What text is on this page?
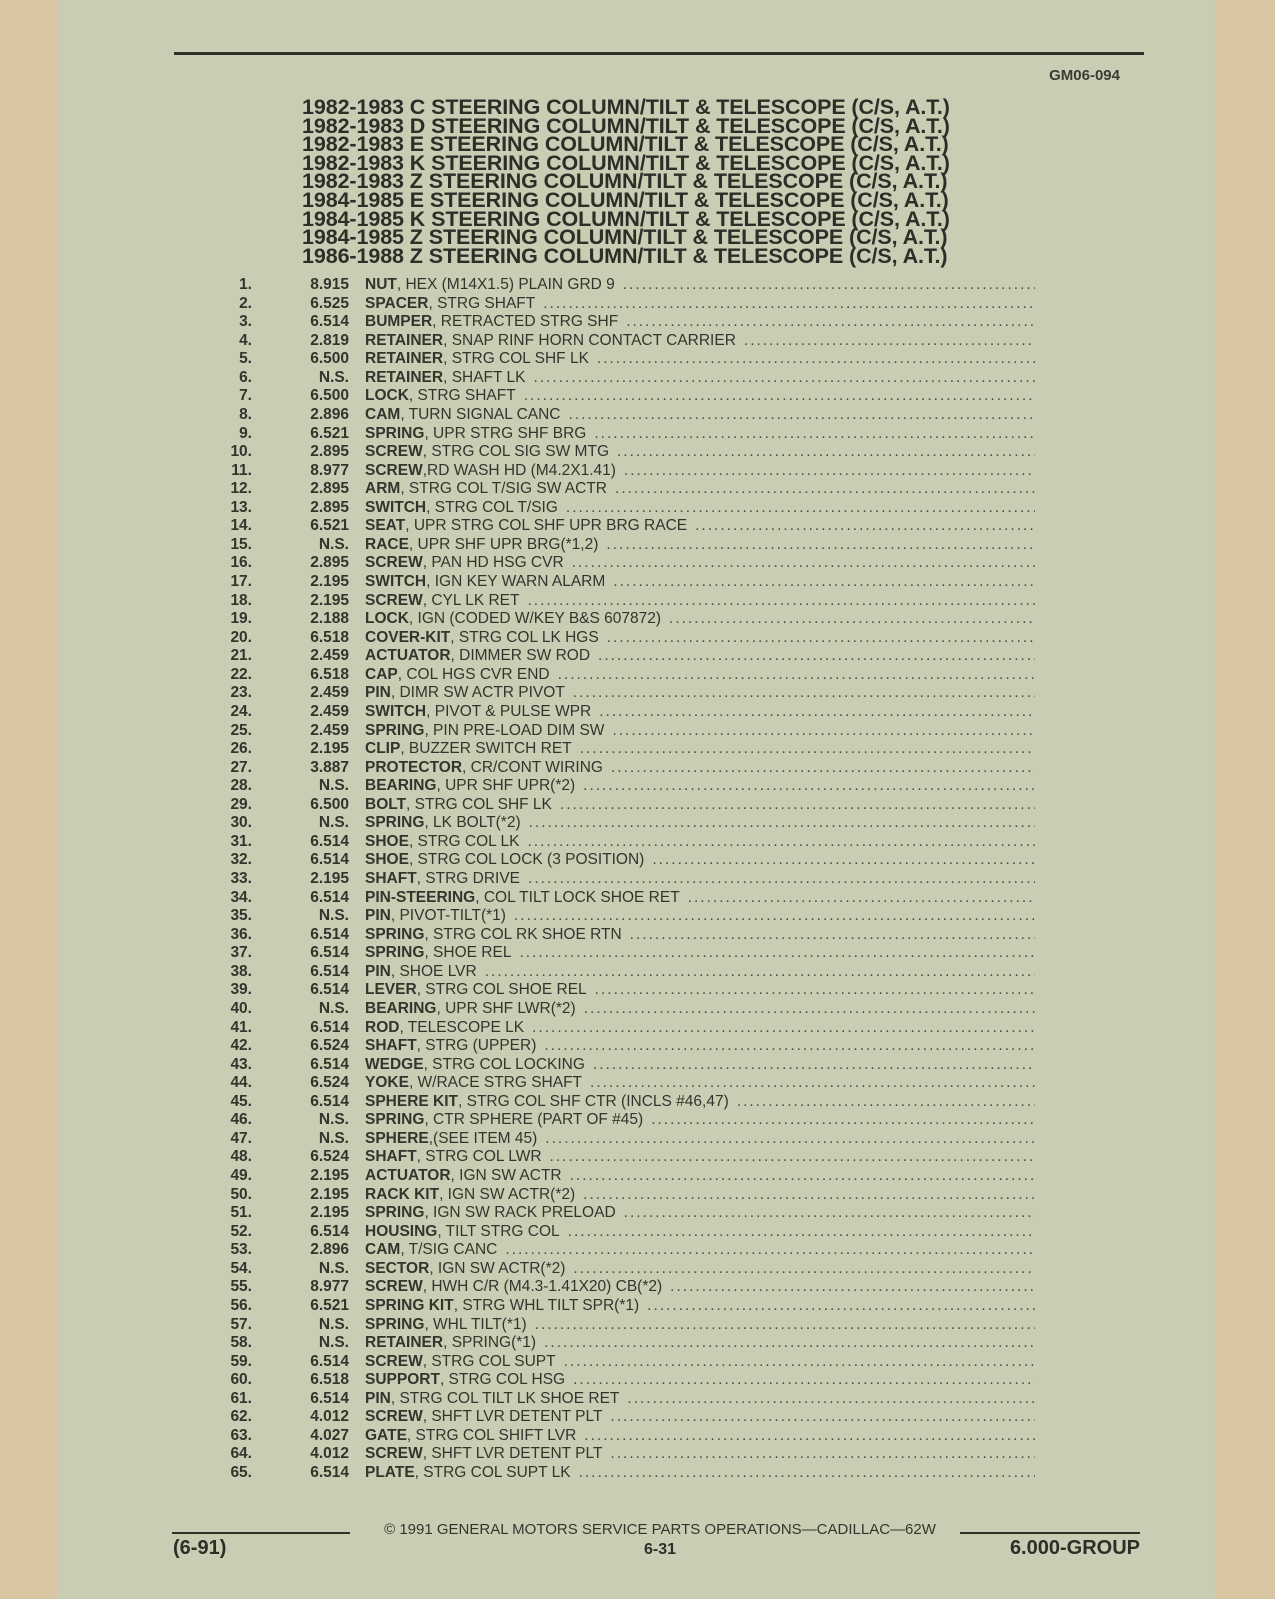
GM06-094
1982-1983 C STEERING COLUMN/TILT & TELESCOPE (C/S, A.T.)
1982-1983 D STEERING COLUMN/TILT & TELESCOPE (C/S, A.T.)
1982-1983 E STEERING COLUMN/TILT & TELESCOPE (C/S, A.T.)
1982-1983 K STEERING COLUMN/TILT & TELESCOPE (C/S, A.T.)
1982-1983 Z STEERING COLUMN/TILT & TELESCOPE (C/S, A.T.)
1984-1985 E STEERING COLUMN/TILT & TELESCOPE (C/S, A.T.)
1984-1985 K STEERING COLUMN/TILT & TELESCOPE (C/S, A.T.)
1984-1985 Z STEERING COLUMN/TILT & TELESCOPE (C/S, A.T.)
1986-1988 Z STEERING COLUMN/TILT & TELESCOPE (C/S, A.T.)
1.	8.915 NUT , HEX (M14X1.5) PLAIN GRD 9
.....
2.	6.525 SPACER , STRG SHAFT
.....
3.	6.514 BUMPER , RETRACTED STRG SHF
.....
4.	2.819 RETAINER , SNAP RINF HORN CONTACT CARRIER
.....
5.	6.500 RETAINER , STRG COL SHF LK
.....
6.	N.S. RETAINER , SHAFT LK
.....
7.	6.500 LOCK , STRG SHAFT
.....
8.	2.896 CAM , TURN SIGNAL CANC
.....
9.	6.521 SPRING , UPR STRG SHF BRG
.....
10.	2.895 SCREW , STRG COL SIG SW MTG
.....
11.	8.977 SCREW ,RD WASH HD (M4.2X1.41)
.....
12.	2.895 ARM , STRG COL T/SIG SW ACTR
.....
13.	2.895 SWITCH , STRG COL T/SIG
.....
14.	6.521 SEAT , UPR STRG COL SHF UPR BRG RACE
.....
15.	N.S. RACE , UPR SHF UPR BRG(*1,2)
.....
16.	2.895 SCREW , PAN HD HSG CVR
.....
17.	2.195 SWITCH , IGN KEY WARN ALARM
.....
18.	2.195 SCREW , CYL LK RET
.....
19.	2.188 LOCK , IGN (CODED W/KEY B&S 607872)
.....
20.	6.518 COVER-KIT , STRG COL LK HGS
.....
21.	2.459 ACTUATOR , DIMMER SW ROD
.....
22.	6.518 CAP , COL HGS CVR END
.....
23.	2.459 PIN , DIMR SW ACTR PIVOT
.....
24.	2.459 SWITCH , PIVOT & PULSE WPR
.....
25.	2.459 SPRING , PIN PRE-LOAD DIM SW
.....
26.	2.195 CLIP , BUZZER SWITCH RET
.....
27.	3.887 PROTECTOR , CR/CONT WIRING
.....
28.	N.S. BEARING , UPR SHF UPR(*2)
.....
29.	6.500 BOLT , STRG COL SHF LK
.....
30.	N.S. SPRING , LK BOLT(*2)
.....
31.	6.514 SHOE , STRG COL LK
.....
32.	6.514 SHOE , STRG COL LOCK (3 POSITION)
.....
33.	2.195 SHAFT , STRG DRIVE
.....
34.	6.514 PIN-STEERING , COL TILT LOCK SHOE RET
.....
35.	N.S. PIN , PIVOT-TILT(*1)
.....
36.	6.514 SPRING , STRG COL RK SHOE RTN
.....
37.	6.514 SPRING , SHOE REL
.....
38.	6.514 PIN , SHOE LVR
.....
39.	6.514 LEVER , STRG COL SHOE REL
.....
40.	N.S. BEARING , UPR SHF LWR(*2)
.....
41.	6.514 ROD , TELESCOPE LK
.....
42.	6.524 SHAFT , STRG (UPPER)
.....
43.	6.514 WEDGE , STRG COL LOCKING
.....
44.	6.524 YOKE , W/RACE STRG SHAFT
.....
45.	6.514 SPHERE KIT , STRG COL SHF CTR (INCLS #46,47)
.....
46.	N.S. SPRING , CTR SPHERE (PART OF #45)
.....
47.	N.S. SPHERE ,(SEE ITEM 45)
.....
48.	6.524 SHAFT , STRG COL LWR
.....
49.	2.195 ACTUATOR , IGN SW ACTR
.....
50.	2.195 RACK KIT , IGN SW ACTR(*2)
.....
51.	2.195 SPRING , IGN SW RACK PRELOAD
.....
52.	6.514 HOUSING , TILT STRG COL
.....
53.	2.896 CAM , T/SIG CANC
.....
54.	N.S. SECTOR , IGN SW ACTR(*2)
.....
55.	8.977 SCREW , HWH C/R (M4.3-1.41X20) CB(*2)
.....
56.	6.521 SPRING KIT , STRG WHL TILT SPR(*1)
.....
57.	N.S. SPRING , WHL TILT(*1)
.....
58.	N.S. RETAINER , SPRING(*1)
.....
59.	6.514 SCREW , STRG COL SUPT
.....
60.	6.518 SUPPORT , STRG COL HSG
.....
61.	6.514 PIN , STRG COL TILT LK SHOE RET
.....
62.	4.012 SCREW , SHFT LVR DETENT PLT
.....
63.	4.027 GATE , STRG COL SHIFT LVR
.....
64.	4.012 SCREW , SHFT LVR DETENT PLT
.....
65.	6.514 PLATE , STRG COL SUPT LK
.....
© 1991 GENERAL MOTORS SERVICE PARTS OPERATIONS—CADILLAC—62W
(6-91)	6-31	6.000-GROUP
